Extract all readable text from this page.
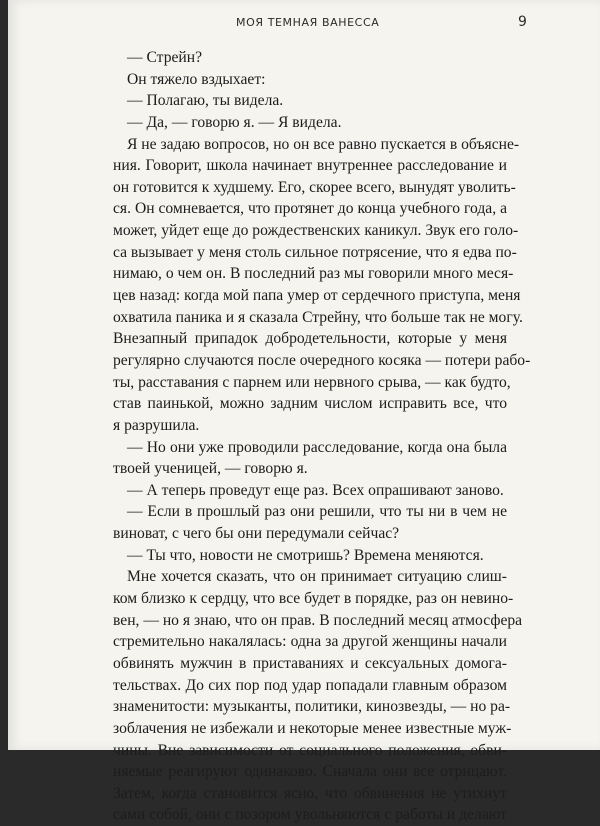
МОЯ ТЕМНАЯ ВАНЕССА	9
— Стрейн?
Он тяжело вздыхает:
— Полагаю, ты видела.
— Да, — говорю я. — Я видела.
Я не задаю вопросов, но он все равно пускается в объясне-
ния. Говорит, школа начинает внутреннее расследование и
он готовится к худшему. Его, скорее всего, вынудят уволить-
ся. Он сомневается, что протянет до конца учебного года, а
может, уйдет еще до рождественских каникул. Звук его голо-
са вызывает у меня столь сильное потрясение, что я едва по-
нимаю, о чем он. В последний раз мы говорили много меся-
цев назад: когда мой папа умер от сердечного приступа, меня
охватила паника и я сказала Стрейну, что больше так не могу.
Внезапный припадок добродетельности, которые у меня
регулярно случаются после очередного косяка — потери рабо-
ты, расставания с парнем или нервного срыва, — как будто,
став паинькой, можно задним числом исправить все, что
я разрушила.
— Но они уже проводили расследование, когда она была
твоей ученицей, — говорю я.
— А теперь проведут еще раз. Всех опрашивают заново.
— Если в прошлый раз они решили, что ты ни в чем не
виноват, с чего бы они передумали сейчас?
— Ты что, новости не смотришь? Времена меняются.
Мне хочется сказать, что он принимает ситуацию слиш-
ком близко к сердцу, что все будет в порядке, раз он невино-
вен, — но я знаю, что он прав. В последний месяц атмосфера
стремительно накалялась: одна за другой женщины начали
обвинять мужчин в приставаниях и сексуальных домога-
тельствах. До сих пор под удар попадали главным образом
знаменитости: музыканты, политики, кинозвезды, — но ра-
зоблачения не избежали и некоторые менее известные муж-
чины. Вне зависимости от социального положения, обви-
няемые реагируют одинаково. Сначала они все отрицают.
Затем, когда становится ясно, что обвинения не утихнут
сами собой, они с позором увольняются с работы и делают
